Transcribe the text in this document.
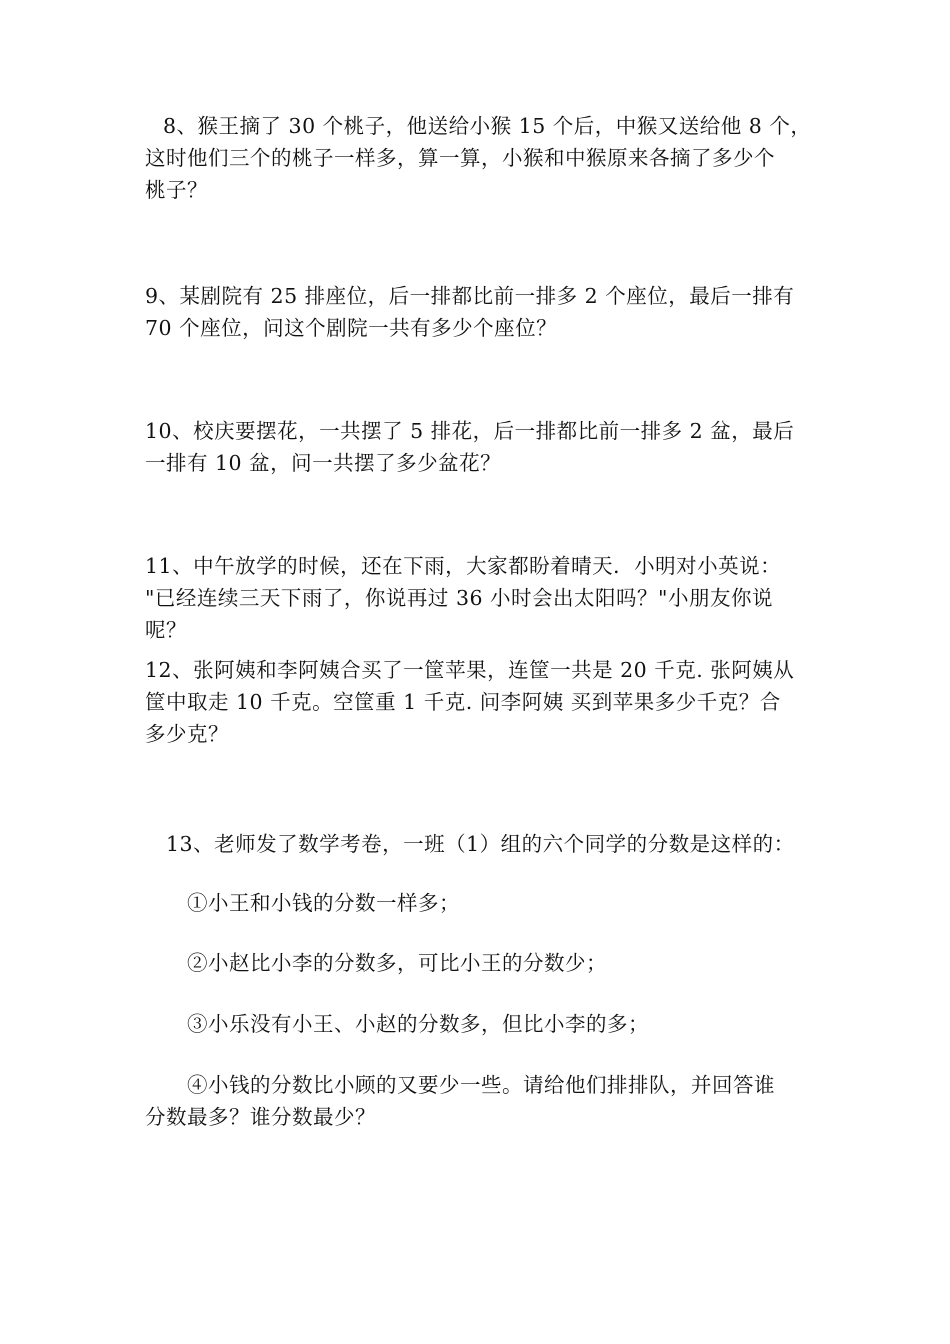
8、猴王摘了 30 个桃子，他送给小猴 15 个后，中猴又送给他 8 个，
这时他们三个的桃子一样多，算一算，小猴和中猴原来各摘了多少个
桃子？
9、某剧院有 25 排座位，后一排都比前一排多 2 个座位，最后一排有
70 个座位，问这个剧院一共有多少个座位？
10、校庆要摆花，一共摆了 5 排花，后一排都比前一排多 2 盆，最后
一排有 10 盆，问一共摆了多少盆花？
11、中午放学的时候，还在下雨，大家都盼着晴天．小明对小英说：
"已经连续三天下雨了，你说再过 36 小时会出太阳吗？"小朋友你说
呢？
12、张阿姨和李阿姨合买了一筐苹果，连筐一共是 20 千克. 张阿姨从
筐中取走 10 千克。空筐重 1 千克. 问李阿姨 买到苹果多少千克？合
多少克？
13、老师发了数学考卷，一班（1）组的六个同学的分数是这样的：
①小王和小钱的分数一样多；
②小赵比小李的分数多，可比小王的分数少；
③小乐没有小王、小赵的分数多，但比小李的多；
④小钱的分数比小顾的又要少一些。请给他们排排队，并回答谁
分数最多？谁分数最少？
